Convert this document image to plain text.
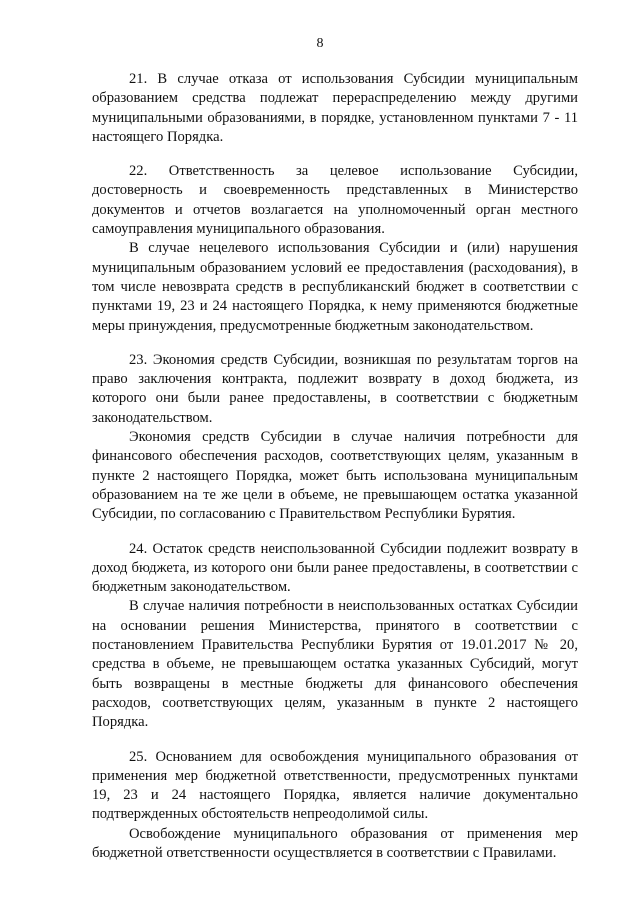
8

21. В случае отказа от использования Субсидии муниципальным образованием средства подлежат перераспределению между другими муниципальными образованиями, в порядке, установленном пунктами 7 - 11 настоящего Порядка.

22. Ответственность за целевое использование Субсидии, достоверность и своевременность представленных в Министерство документов и отчетов возлагается на уполномоченный орган местного самоуправления муниципального образования.

В случае нецелевого использования Субсидии и (или) нарушения муниципальным образованием условий ее предоставления (расходования), в том числе невозврата средств в республиканский бюджет в соответствии с пунктами 19, 23 и 24 настоящего Порядка, к нему применяются бюджетные меры принуждения, предусмотренные бюджетным законодательством.

23. Экономия средств Субсидии, возникшая по результатам торгов на право заключения контракта, подлежит возврату в доход бюджета, из которого они были ранее предоставлены, в соответствии с бюджетным законодательством.

Экономия средств Субсидии в случае наличия потребности для финансового обеспечения расходов, соответствующих целям, указанным в пункте 2 настоящего Порядка, может быть использована муниципальным образованием на те же цели в объеме, не превышающем остатка указанной Субсидии, по согласованию с Правительством Республики Бурятия.

24. Остаток средств неиспользованной Субсидии подлежит возврату в доход бюджета, из которого они были ранее предоставлены, в соответствии с бюджетным законодательством.

В случае наличия потребности в неиспользованных остатках Субсидии на основании решения Министерства, принятого в соответствии с постановлением Правительства Республики Бурятия от 19.01.2017 № 20, средства в объеме, не превышающем остатка указанных Субсидий, могут быть возвращены в местные бюджеты для финансового обеспечения расходов, соответствующих целям, указанным в пункте 2 настоящего Порядка.

25. Основанием для освобождения муниципального образования от применения мер бюджетной ответственности, предусмотренных пунктами 19, 23 и 24 настоящего Порядка, является наличие документально подтвержденных обстоятельств непреодолимой силы.

Освобождение муниципального образования от применения мер бюджетной ответственности осуществляется в соответствии с Правилами.
